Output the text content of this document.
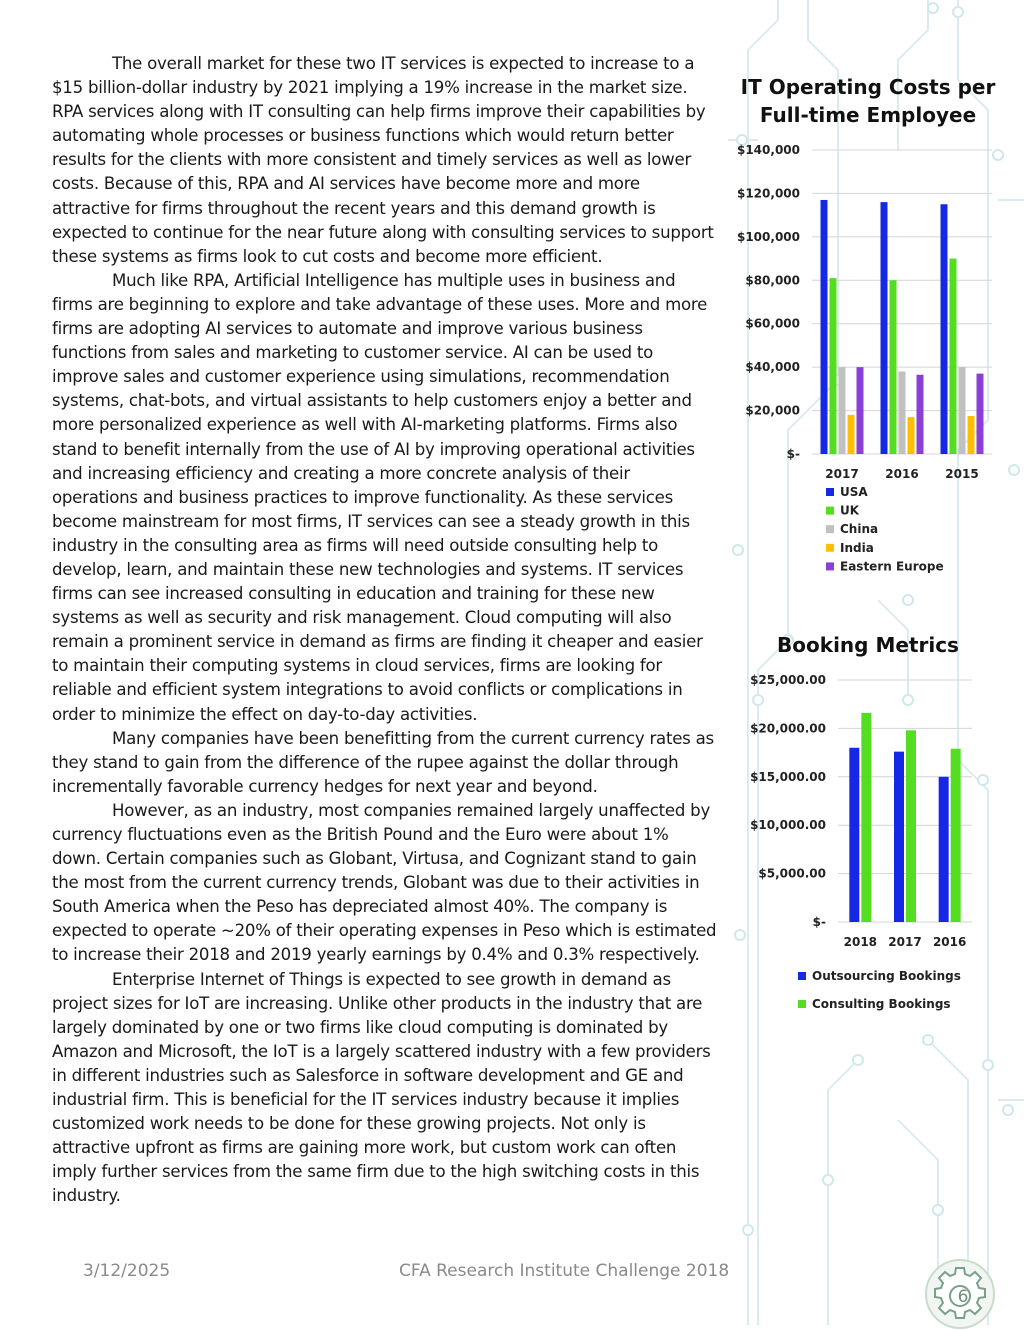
The overall market for these two IT services is expected to increase to a $15 billion-dollar industry by 2021 implying a 19% increase in the market size. RPA services along with IT consulting can help firms improve their capabilities by automating whole processes or business functions which would return better results for the clients with more consistent and timely services as well as lower costs. Because of this, RPA and AI services have become more and more attractive for firms throughout the recent years and this demand growth is expected to continue for the near future along with consulting services to support these systems as firms look to cut costs and become more efficient.

Much like RPA, Artificial Intelligence has multiple uses in business and firms are beginning to explore and take advantage of these uses. More and more firms are adopting AI services to automate and improve various business functions from sales and marketing to customer service. AI can be used to improve sales and customer experience using simulations, recommendation systems, chat-bots, and virtual assistants to help customers enjoy a better and more personalized experience as well with AI-marketing platforms. Firms also stand to benefit internally from the use of AI by improving operational activities and increasing efficiency and creating a more concrete analysis of their operations and business practices to improve functionality. As these services become mainstream for most firms, IT services can see a steady growth in this industry in the consulting area as firms will need outside consulting help to develop, learn, and maintain these new technologies and systems. IT services firms can see increased consulting in education and training for these new systems as well as security and risk management. Cloud computing will also remain a prominent service in demand as firms are finding it cheaper and easier to maintain their computing systems in cloud services, firms are looking for reliable and efficient system integrations to avoid conflicts or complications in order to minimize the effect on day-to-day activities.

Many companies have been benefitting from the current currency rates as they stand to gain from the difference of the rupee against the dollar through incrementally favorable currency hedges for next year and beyond.

However, as an industry, most companies remained largely unaffected by currency fluctuations even as the British Pound and the Euro were about 1% down. Certain companies such as Globant, Virtusa, and Cognizant stand to gain the most from the current currency trends, Globant was due to their activities in South America when the Peso has depreciated almost 40%. The company is expected to operate ~20% of their operating expenses in Peso which is estimated to increase their 2018 and 2019 yearly earnings by 0.4% and 0.3% respectively.

Enterprise Internet of Things is expected to see growth in demand as project sizes for IoT are increasing. Unlike other products in the industry that are largely dominated by one or two firms like cloud computing is dominated by Amazon and Microsoft, the IoT is a largely scattered industry with a few providers in different industries such as Salesforce in software development and GE and industrial firm. This is beneficial for the IT services industry because it implies customized work needs to be done for these growing projects. Not only is attractive upfront as firms are gaining more work, but custom work can often imply further services from the same firm due to the high switching costs in this industry.

IT Operating Costs per Full-time Employee
$-
$20,000
$40,000
$60,000
$80,000
$100,000
$120,000
$140,000
2017 2016 2015
USA
UK
China
India
Eastern Europe
Booking Metrics
$-
$5,000.00
$10,000.00
$15,000.00
$20,000.00
$25,000.00
2018 2017 2016
Outsourcing Bookings
Consulting Bookings
3/12/2025	CFA Research Institute Challenge 2018
6
